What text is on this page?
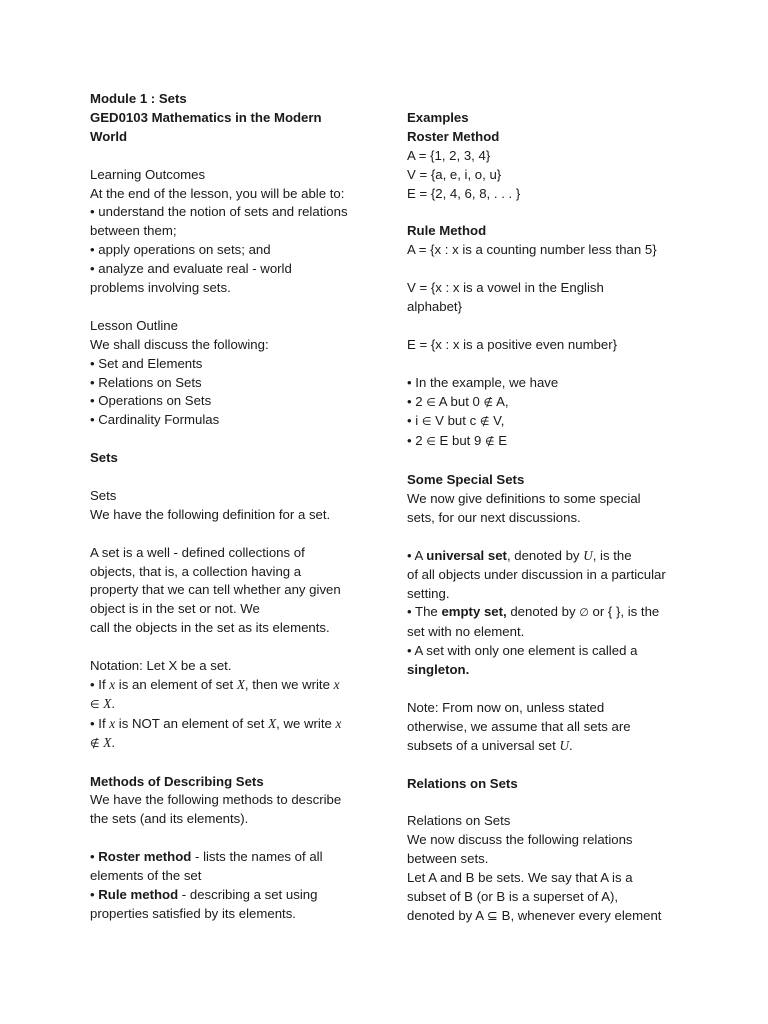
Module 1 : Sets
GED0103 Mathematics in the Modern
World
Learning Outcomes
At the end of the lesson, you will be able to:
• understand the notion of sets and relations
between them;
• apply operations on sets; and
• analyze and evaluate real - world
problems involving sets.
Lesson Outline
We shall discuss the following:
• Set and Elements
• Relations on Sets
• Operations on Sets
• Cardinality Formulas
Sets
Sets
We have the following definition for a set.
A set is a well - defined collections of
objects, that is, a collection having a
property that we can tell whether any given
object is in the set or not. We
call the objects in the set as its elements.
Notation: Let X be a set.
• If x is an element of set X, then we write x
∈ X.
• If x is NOT an element of set X, we write x
∉ X.
Methods of Describing Sets
We have the following methods to describe
the sets (and its elements).
• Roster method - lists the names of all
elements of the set
• Rule method - describing a set using
properties satisfied by its elements.
Examples
Roster Method
A = {1, 2, 3, 4}
V = {a, e, i, o, u}
E = {2, 4, 6, 8, . . . }
Rule Method
A = {x : x is a counting number less than 5}
V = {x : x is a vowel in the English
alphabet}
E = {x : x is a positive even number}
• In the example, we have
• 2 ∈ A but 0 ∉ A,
• i ∈ V but c ∉ V,
• 2 ∈ E but 9 ∉ E
Some Special Sets
We now give definitions to some special
sets, for our next discussions.
• A universal set, denoted by U, is the
of all objects under discussion in a particular
setting.
• The empty set, denoted by ∅ or { }, is the
set with no element.
• A set with only one element is called a
singleton.
Note: From now on, unless stated
otherwise, we assume that all sets are
subsets of a universal set U.
Relations on Sets
Relations on Sets
We now discuss the following relations
between sets.
Let A and B be sets. We say that A is a
subset of B (or B is a superset of A),
denoted by A ⊆ B, whenever every element
